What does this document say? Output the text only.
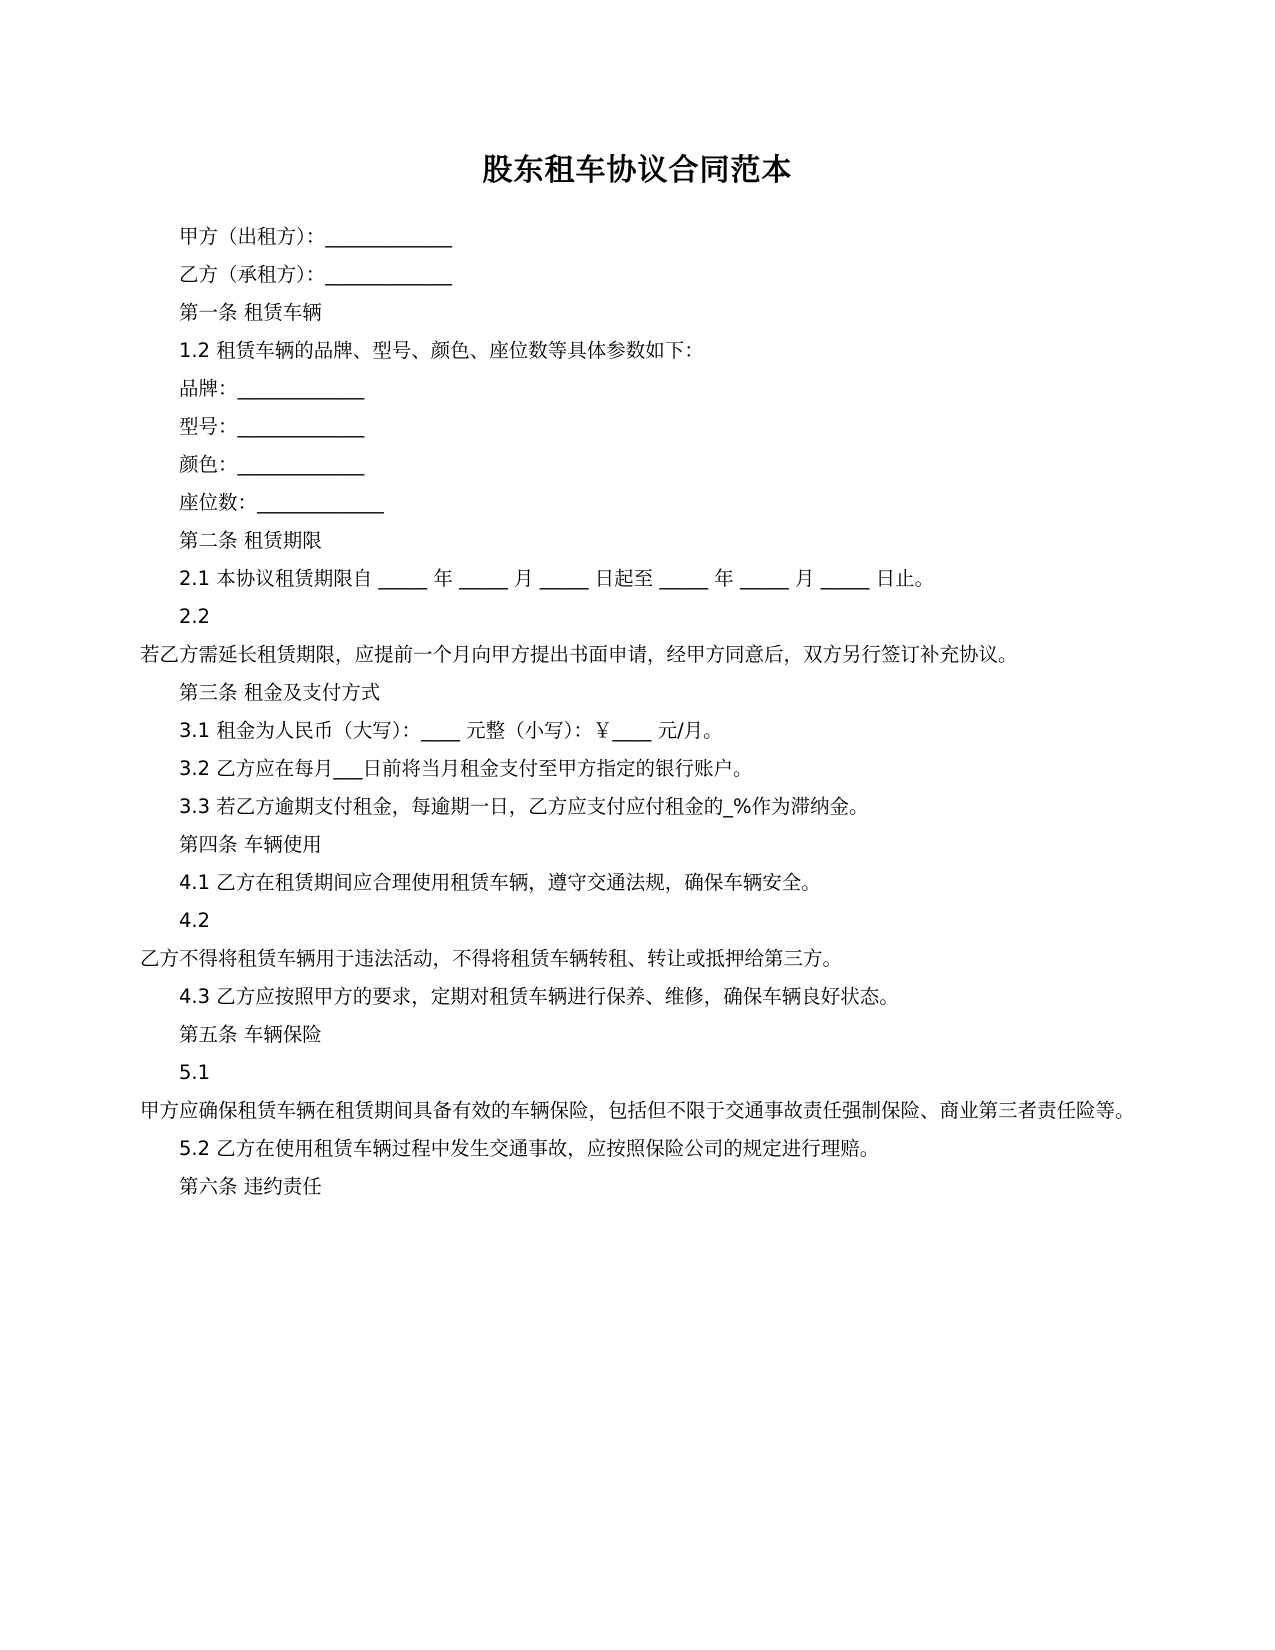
股东租车协议合同范本

甲方（出租方）：_____________

乙方（承租方）：_____________

第一条 租赁车辆

1.2 租赁车辆的品牌、型号、颜色、座位数等具体参数如下：

品牌：_____________

型号：_____________

颜色：_____________

座位数：_____________

第二条 租赁期限

2.1 本协议租赁期限自 _____ 年 _____ 月 _____ 日起至 _____ 年 _____ 月 _____ 日止。

2.2

若乙方需延长租赁期限，应提前一个月向甲方提出书面申请，经甲方同意后，双方另行签订补充协议。

第三条 租金及支付方式

3.1 租金为人民币（大写）：____ 元整（小写）：￥____ 元/月。

3.2 乙方应在每月___日前将当月租金支付至甲方指定的银行账户。

3.3 若乙方逾期支付租金，每逾期一日，乙方应支付应付租金的_%作为滞纳金。

第四条 车辆使用

4.1 乙方在租赁期间应合理使用租赁车辆，遵守交通法规，确保车辆安全。

4.2

乙方不得将租赁车辆用于违法活动，不得将租赁车辆转租、转让或抵押给第三方。

4.3 乙方应按照甲方的要求，定期对租赁车辆进行保养、维修，确保车辆良好状态。

第五条 车辆保险

5.1

甲方应确保租赁车辆在租赁期间具备有效的车辆保险，包括但不限于交通事故责任强制保险、商业第三者责任险等。

5.2 乙方在使用租赁车辆过程中发生交通事故，应按照保险公司的规定进行理赔。

第六条 违约责任
